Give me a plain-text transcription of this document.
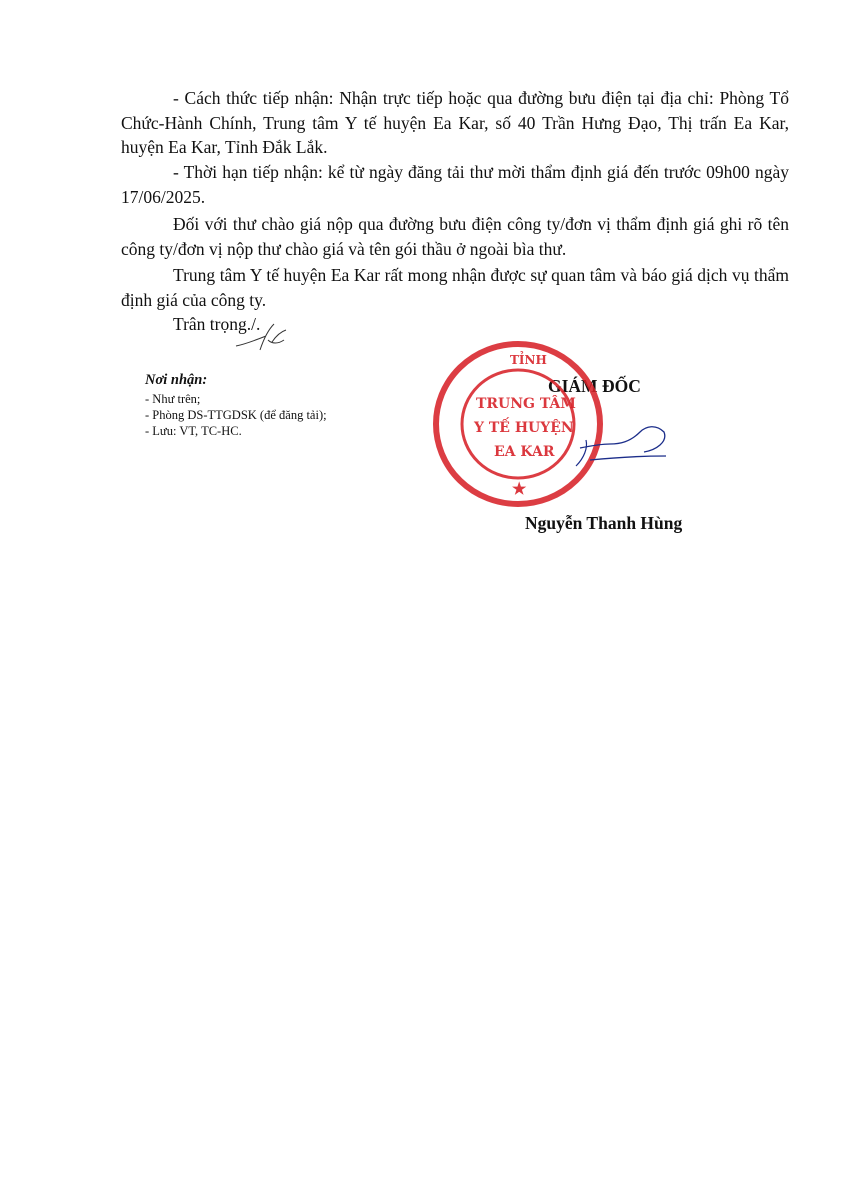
- Cách thức tiếp nhận: Nhận trực tiếp hoặc qua đường bưu điện tại địa chỉ: Phòng Tổ Chức-Hành Chính, Trung tâm Y tế huyện Ea Kar, số 40 Trần Hưng Đạo, Thị trấn Ea Kar, huyện Ea Kar, Tỉnh Đắk Lắk.

- Thời hạn tiếp nhận: kể từ ngày đăng tải thư mời thẩm định giá đến trước 09h00 ngày 17/06/2025.

Đối với thư chào giá nộp qua đường bưu điện công ty/đơn vị thẩm định giá ghi rõ tên công ty/đơn vị nộp thư chào giá và tên gói thầu ở ngoài bìa thư.

Trung tâm Y tế huyện Ea Kar rất mong nhận được sự quan tâm và báo giá dịch vụ thẩm định giá của công ty.

Trân trọng./.

Nơi nhận:
- Như trên;
- Phòng DS-TTGDSK (để đăng tải);
- Lưu: VT, TC-HC.
GIÁM ĐỐC
TỈNH
TRUNG TÂM
Y TẾ HUYỆN
EA KAR
★
Nguyễn Thanh Hùng
